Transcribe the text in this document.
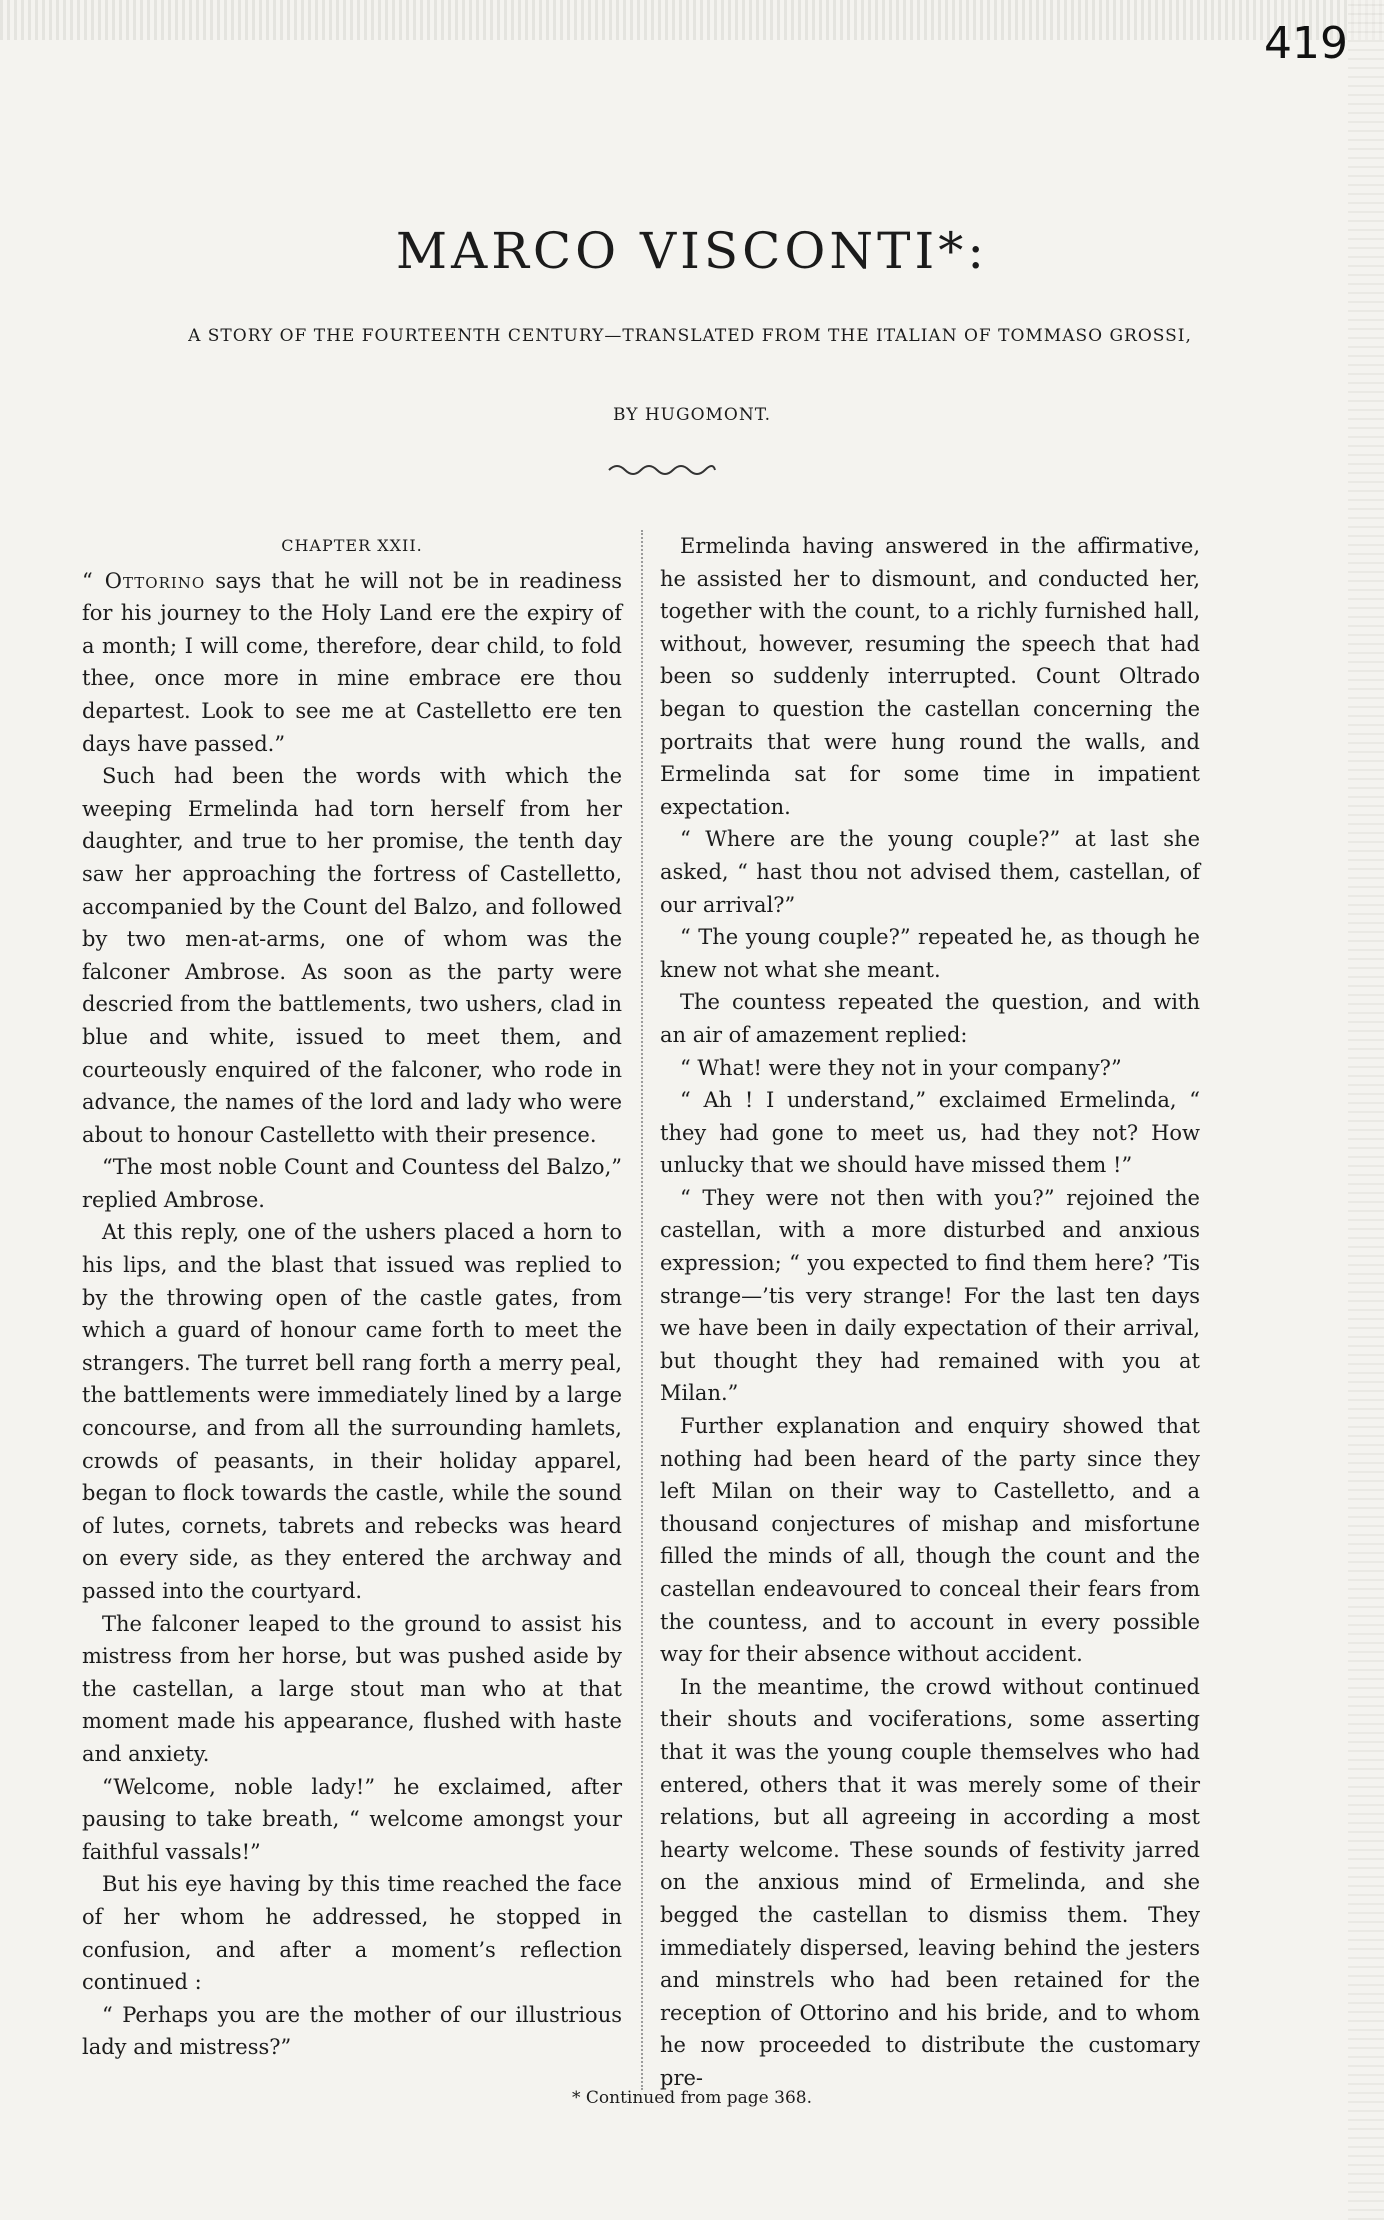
419
MARCO VISCONTI*:
A STORY OF THE FOURTEENTH CENTURY—TRANSLATED FROM THE ITALIAN OF TOMMASO GROSSI,
BY HUGOMONT.
CHAPTER XXII.

“ Ottorino says that he will not be in readiness for his journey to the Holy Land ere the expiry of a month; I will come, therefore, dear child, to fold thee, once more in mine embrace ere thou departest. Look to see me at Castelletto ere ten days have passed.”

Such had been the words with which the weeping Ermelinda had torn herself from her daughter, and true to her promise, the tenth day saw her approaching the fortress of Castelletto, accompanied by the Count del Balzo, and followed by two men-at-arms, one of whom was the falconer Ambrose. As soon as the party were descried from the battlements, two ushers, clad in blue and white, issued to meet them, and courteously enquired of the falconer, who rode in advance, the names of the lord and lady who were about to honour Castelletto with their presence.

“The most noble Count and Countess del Balzo,” replied Ambrose.

At this reply, one of the ushers placed a horn to his lips, and the blast that issued was replied to by the throwing open of the castle gates, from which a guard of honour came forth to meet the strangers. The turret bell rang forth a merry peal, the battlements were immediately lined by a large concourse, and from all the surrounding hamlets, crowds of peasants, in their holiday apparel, began to flock towards the castle, while the sound of lutes, cornets, tabrets and rebecks was heard on every side, as they entered the archway and passed into the courtyard.

The falconer leaped to the ground to assist his mistress from her horse, but was pushed aside by the castellan, a large stout man who at that moment made his appearance, flushed with haste and anxiety.

“Welcome, noble lady!” he exclaimed, after pausing to take breath, “ welcome amongst your faithful vassals!”

But his eye having by this time reached the face of her whom he addressed, he stopped in confusion, and after a moment’s reflection continued :

“ Perhaps you are the mother of our illustrious lady and mistress?”

Ermelinda having answered in the affirmative, he assisted her to dismount, and conducted her, together with the count, to a richly furnished hall, without, however, resuming the speech that had been so suddenly interrupted. Count Oltrado began to question the castellan concerning the portraits that were hung round the walls, and Ermelinda sat for some time in impatient expectation.

“ Where are the young couple?” at last she asked, “ hast thou not advised them, castellan, of our arrival?”

“ The young couple?” repeated he, as though he knew not what she meant.

The countess repeated the question, and with an air of amazement replied:

“ What! were they not in your company?”

“ Ah ! I understand,” exclaimed Ermelinda, “ they had gone to meet us, had they not? How unlucky that we should have missed them !”

“ They were not then with you?” rejoined the castellan, with a more disturbed and anxious expression; “ you expected to find them here? ’Tis strange—’tis very strange! For the last ten days we have been in daily expectation of their arrival, but thought they had remained with you at Milan.”

Further explanation and enquiry showed that nothing had been heard of the party since they left Milan on their way to Castelletto, and a thousand conjectures of mishap and misfortune filled the minds of all, though the count and the castellan endeavoured to conceal their fears from the countess, and to account in every possible way for their absence without accident.

In the meantime, the crowd without continued their shouts and vociferations, some asserting that it was the young couple themselves who had entered, others that it was merely some of their relations, but all agreeing in according a most hearty welcome. These sounds of festivity jarred on the anxious mind of Ermelinda, and she begged the castellan to dismiss them. They immediately dispersed, leaving behind the jesters and minstrels who had been retained for the reception of Ottorino and his bride, and to whom he now proceeded to distribute the customary pre-

* Continued from page 368.
